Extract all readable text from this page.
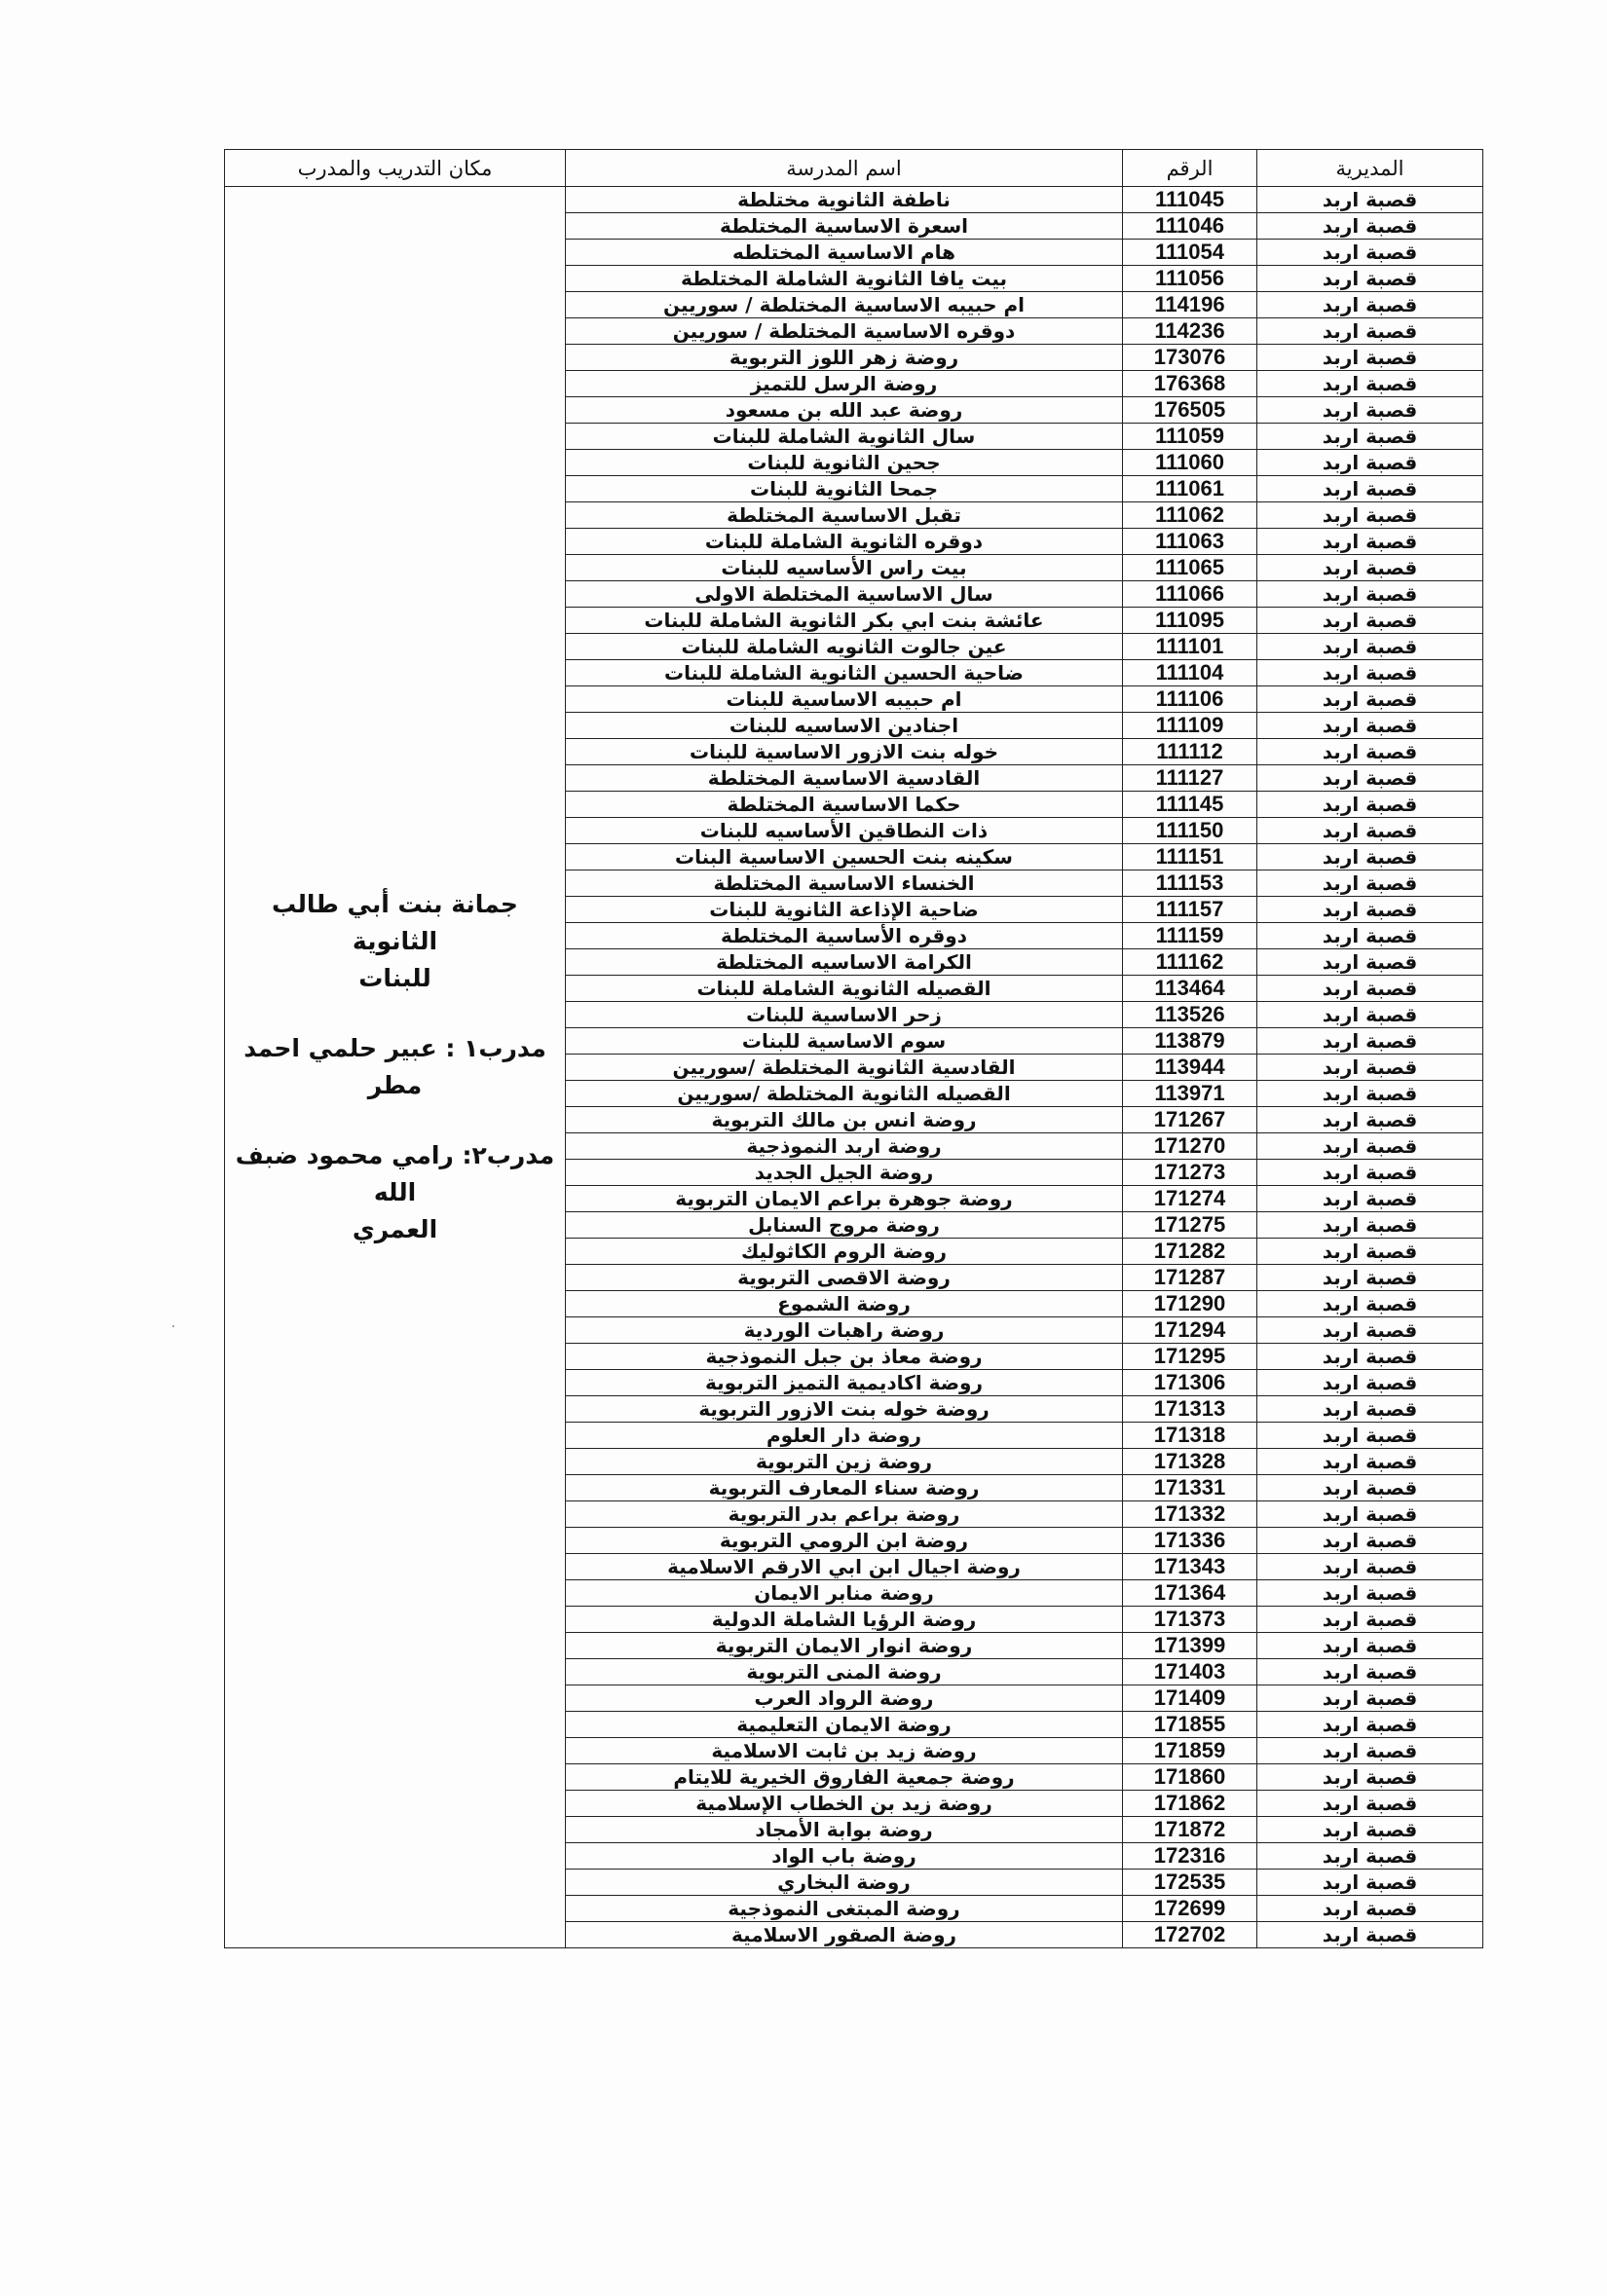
المديرية	الرقم	اسم المدرسة	مكان التدريب والمدرب
قصبة اربد	111045	ناطفة الثانوية مختلطة	جمانة بنت أبي طالب الثانوية

للبنات

مدرب١ : عبير حلمي احمد مطر

مدرب٢: رامي محمود ضبف الله

العمري

قصبة اربد	111046	اسعرة الاساسية المختلطة	
قصبة اربد	111054	هام الاساسية المختلطه	
قصبة اربد	111056	بيت يافا الثانوية الشاملة المختلطة	
قصبة اربد	114196	ام حبيبه الاساسية المختلطة / سوريين	
قصبة اربد	114236	دوقره الاساسية المختلطة / سوريين	
قصبة اربد	173076	روضة زهر اللوز التربوية	
قصبة اربد	176368	روضة الرسل للتميز	
قصبة اربد	176505	روضة عبد الله بن مسعود	
قصبة اربد	111059	سال الثانوية الشاملة للبنات	
قصبة اربد	111060	جحين الثانوية للبنات	
قصبة اربد	111061	جمحا الثانوية للبنات	
قصبة اربد	111062	تقبل الاساسية المختلطة	
قصبة اربد	111063	دوقره الثانوية الشاملة للبنات	
قصبة اربد	111065	بيت راس الأساسيه للبنات	
قصبة اربد	111066	سال الاساسية المختلطة الاولى	
قصبة اربد	111095	عائشة بنت ابي بكر الثانوية الشاملة للبنات	
قصبة اربد	111101	عين جالوت الثانويه الشاملة للبنات	
قصبة اربد	111104	ضاحية الحسين الثانوية الشاملة للبنات	
قصبة اربد	111106	ام حبيبه الاساسية للبنات	
قصبة اربد	111109	اجنادين الاساسيه للبنات	
قصبة اربد	111112	خوله بنت الازور الاساسية للبنات	
قصبة اربد	111127	القادسية الاساسية المختلطة	
قصبة اربد	111145	حكما الاساسية المختلطة	
قصبة اربد	111150	ذات النطاقين الأساسيه للبنات	
قصبة اربد	111151	سكينه بنت الحسين الاساسية البنات	
قصبة اربد	111153	الخنساء الاساسية المختلطة	
قصبة اربد	111157	ضاحية الإذاعة الثانوية للبنات	
قصبة اربد	111159	دوقره الأساسية المختلطة	
قصبة اربد	111162	الكرامة الاساسيه المختلطة	
قصبة اربد	113464	القصيله الثانوية الشاملة للبنات	
قصبة اربد	113526	زحر الاساسية للبنات	
قصبة اربد	113879	سوم الاساسية للبنات	
قصبة اربد	113944	القادسية الثانوية المختلطة /سوريين	
قصبة اربد	113971	القصيله الثانوية المختلطة /سوريين	
قصبة اربد	171267	روضة انس بن مالك التربوية	
قصبة اربد	171270	روضة اربد النموذجية	
قصبة اربد	171273	روضة الجيل الجديد	
قصبة اربد	171274	روضة جوهرة براعم الايمان التربوية	
قصبة اربد	171275	روضة مروج السنابل	
قصبة اربد	171282	روضة الروم الكاثوليك	
قصبة اربد	171287	روضة الاقصى التربوية	
قصبة اربد	171290	روضة الشموع	
قصبة اربد	171294	روضة راهبات الوردية	
قصبة اربد	171295	روضة معاذ بن جبل النموذجية	
قصبة اربد	171306	روضة اكاديمية التميز التربوية	
قصبة اربد	171313	روضة خوله بنت الازور التربوية	
قصبة اربد	171318	روضة دار العلوم	
قصبة اربد	171328	روضة زين التربوية	
قصبة اربد	171331	روضة سناء المعارف التربوية	
قصبة اربد	171332	روضة براعم بدر التربوية	
قصبة اربد	171336	روضة ابن الرومي التربوية	
قصبة اربد	171343	روضة اجيال ابن ابي الارقم الاسلامية	
قصبة اربد	171364	روضة منابر الايمان	
قصبة اربد	171373	روضة الرؤيا الشاملة الدولية	
قصبة اربد	171399	روضة انوار الايمان التربوية	
قصبة اربد	171403	روضة المنى التربوية	
قصبة اربد	171409	روضة الرواد العرب	
قصبة اربد	171855	روضة الايمان التعليمية	
قصبة اربد	171859	روضة زيد بن ثابت الاسلامية	
قصبة اربد	171860	روضة جمعية الفاروق الخيرية للايتام	
قصبة اربد	171862	روضة زيد بن الخطاب الإسلامية	
قصبة اربد	171872	روضة بوابة الأمجاد	
قصبة اربد	172316	روضة باب الواد	
قصبة اربد	172535	روضة البخاري	
قصبة اربد	172699	روضة المبتغى النموذجية	
قصبة اربد	172702	روضة الصقور الاسلامية	
